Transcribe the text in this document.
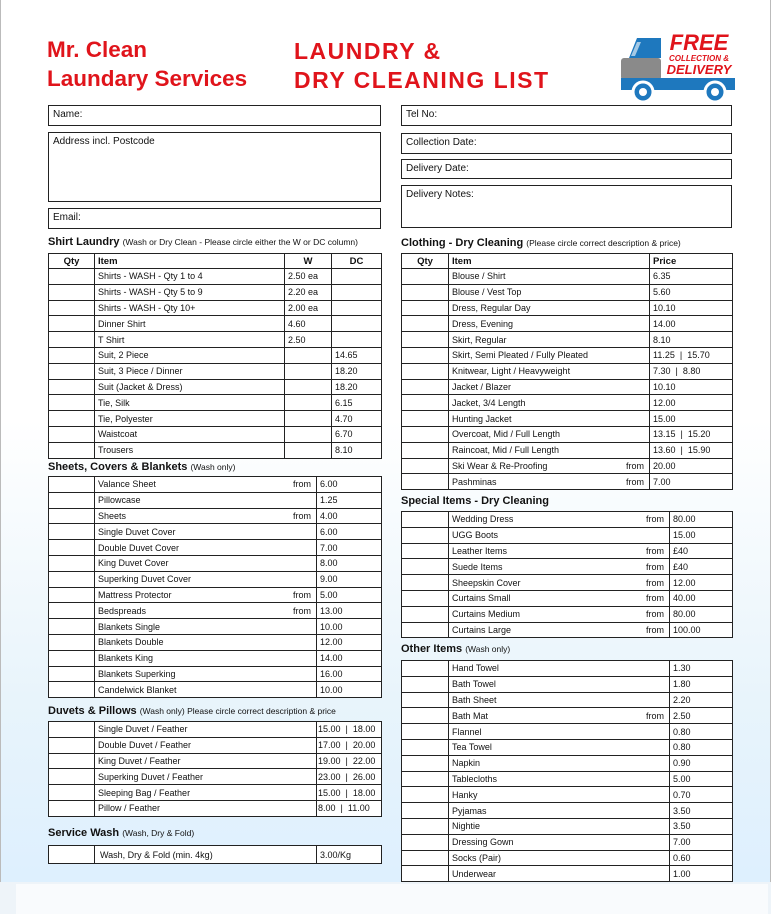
Mr. Clean
Laundary Services
LAUNDRY &
DRY CLEANING LIST
FREE
COLLECTION &
DELIVERY
Name:
Address incl. Postcode
Email:
Tel No:
Collection Date:
Delivery Date:
Delivery Notes:
Shirt Laundry (Wash or Dry Clean - Please circle either the W or DC column)
Qty	Item	W	DC
	Shirts - WASH - Qty 1 to 4	2.50 ea	
	Shirts - WASH - Qty 5 to 9	2.20 ea	
	Shirts - WASH - Qty 10+	2.00 ea	
	Dinner Shirt	4.60	
	T Shirt	2.50	
	Suit, 2 Piece		14.65
	Suit, 3 Piece / Dinner		18.20
	Suit (Jacket & Dress)		18.20
	Tie, Silk		6.15
	Tie, Polyester		4.70
	Waistcoat		6.70
	Trousers		8.10
Sheets, Covers & Blankets (Wash only)
	Valance Sheet from	6.00
	Pillowcase	1.25
	Sheets from	4.00
	Single Duvet Cover	6.00
	Double Duvet Cover	7.00
	King Duvet Cover	8.00
	Superking Duvet Cover	9.00
	Mattress Protector from	5.00
	Bedspreads from	13.00
	Blankets Single	10.00
	Blankets Double	12.00
	Blankets King	14.00
	Blankets Superking	16.00
	Candelwick Blanket	10.00
Duvets & Pillows (Wash only) Please circle correct description & price
	Single Duvet / Feather	15.00 | 18.00
	Double Duvet / Feather	17.00 | 20.00
	King Duvet / Feather	19.00 | 22.00
	Superking Duvet / Feather	23.00 | 26.00
	Sleeping Bag / Feather	15.00 | 18.00
	Pillow / Feather	8.00 | 11.00
Service Wash (Wash, Dry & Fold)
	Wash, Dry & Fold (min. 4kg)	3.00/Kg
Clothing - Dry Cleaning (Please circle correct description & price)
Qty	Item	Price
	Blouse / Shirt	6.35
	Blouse / Vest Top	5.60
	Dress, Regular Day	10.10
	Dress, Evening	14.00
	Skirt, Regular	8.10
	Skirt, Semi Pleated / Fully Pleated	11.25 | 15.70
	Knitwear, Light / Heavyweight	7.30 | 8.80
	Jacket / Blazer	10.10
	Jacket, 3/4 Length	12.00
	Hunting Jacket	15.00
	Overcoat, Mid / Full Length	13.15 | 15.20
	Raincoat, Mid / Full Length	13.60 | 15.90
	Ski Wear & Re-Proofing from	20.00
	Pashminas from	7.00
Special Items - Dry Cleaning
	Wedding Dress from	80.00
	UGG Boots	15.00
	Leather Items from	£40
	Suede Items from	£40
	Sheepskin Cover from	12.00
	Curtains Small from	40.00
	Curtains Medium from	80.00
	Curtains Large from	100.00
Other Items (Wash only)
	Hand Towel	1.30
	Bath Towel	1.80
	Bath Sheet	2.20
	Bath Mat from	2.50
	Flannel	0.80
	Tea Towel	0.80
	Napkin	0.90
	Tablecloths	5.00
	Hanky	0.70
	Pyjamas	3.50
	Nightie	3.50
	Dressing Gown	7.00
	Socks (Pair)	0.60
	Underwear	1.00
